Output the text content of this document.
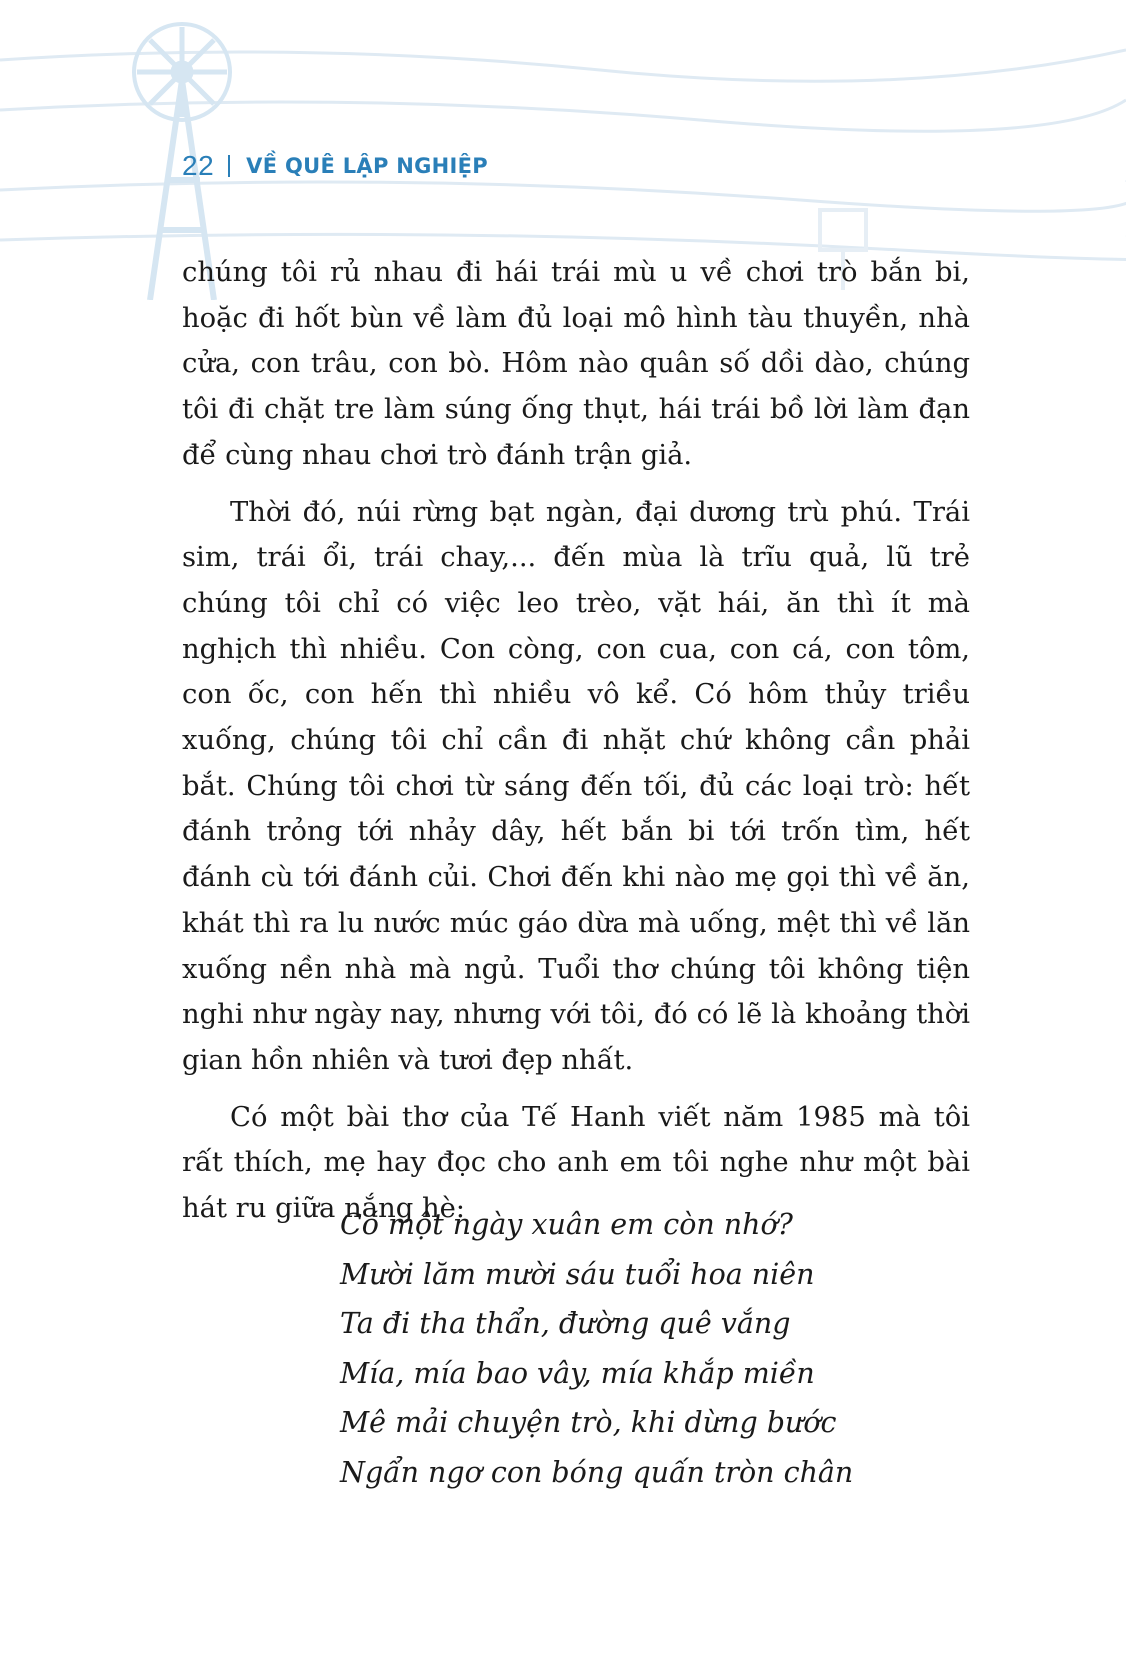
22 VỀ QUÊ LẬP NGHIỆP

chúng tôi rủ nhau đi hái trái mù u về chơi trò bắn bi, hoặc đi hốt bùn về làm đủ loại mô hình tàu thuyền, nhà cửa, con trâu, con bò. Hôm nào quân số dồi dào, chúng tôi đi chặt tre làm súng ống thụt, hái trái bồ lời làm đạn để cùng nhau chơi trò đánh trận giả.

Thời đó, núi rừng bạt ngàn, đại dương trù phú. Trái sim, trái ổi, trái chay,... đến mùa là trĩu quả, lũ trẻ chúng tôi chỉ có việc leo trèo, vặt hái, ăn thì ít mà nghịch thì nhiều. Con còng, con cua, con cá, con tôm, con ốc, con hến thì nhiều vô kể. Có hôm thủy triều xuống, chúng tôi chỉ cần đi nhặt chứ không cần phải bắt. Chúng tôi chơi từ sáng đến tối, đủ các loại trò: hết đánh trỏng tới nhảy dây, hết bắn bi tới trốn tìm, hết đánh cù tới đánh củi. Chơi đến khi nào mẹ gọi thì về ăn, khát thì ra lu nước múc gáo dừa mà uống, mệt thì về lăn xuống nền nhà mà ngủ. Tuổi thơ chúng tôi không tiện nghi như ngày nay, nhưng với tôi, đó có lẽ là khoảng thời gian hồn nhiên và tươi đẹp nhất.

Có một bài thơ của Tế Hanh viết năm 1985 mà tôi rất thích, mẹ hay đọc cho anh em tôi nghe như một bài hát ru giữa nắng hè:

Có một ngày xuân em còn nhớ?
Mười lăm mười sáu tuổi hoa niên
Ta đi tha thẩn, đường quê vắng
Mía, mía bao vây, mía khắp miền
Mê mải chuyện trò, khi dừng bước
Ngẩn ngơ con bóng quấn tròn chân
